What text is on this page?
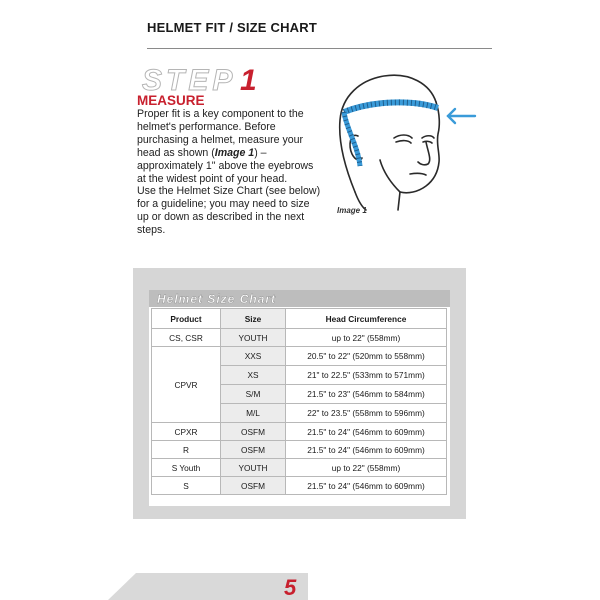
HELMET FIT / SIZE CHART
STEP 1
MEASURE

Proper fit is a key component to the helmet's performance. Before purchasing a helmet, measure your head as shown (Image 1) – approximately 1" above the eyebrows at the widest point of your head.

Use the Helmet Size Chart (see below) for a guideline; you may need to size up or down as described in the next steps.

Image 1
Helmet Size Chart
Product	Size	Head Circumference
CS, CSR	YOUTH	up to 22" (558mm)
CPVR	XXS	20.5" to 22" (520mm to 558mm)
	XS	21" to 22.5" (533mm to 571mm)
	S/M	21.5" to 23" (546mm to 584mm)
	M/L	22" to 23.5" (558mm to 596mm)
CPXR	OSFM	21.5" to 24" (546mm to 609mm)
R	OSFM	21.5" to 24" (546mm to 609mm)
S Youth	YOUTH	up to 22" (558mm)
S	OSFM	21.5" to 24" (546mm to 609mm)
5
